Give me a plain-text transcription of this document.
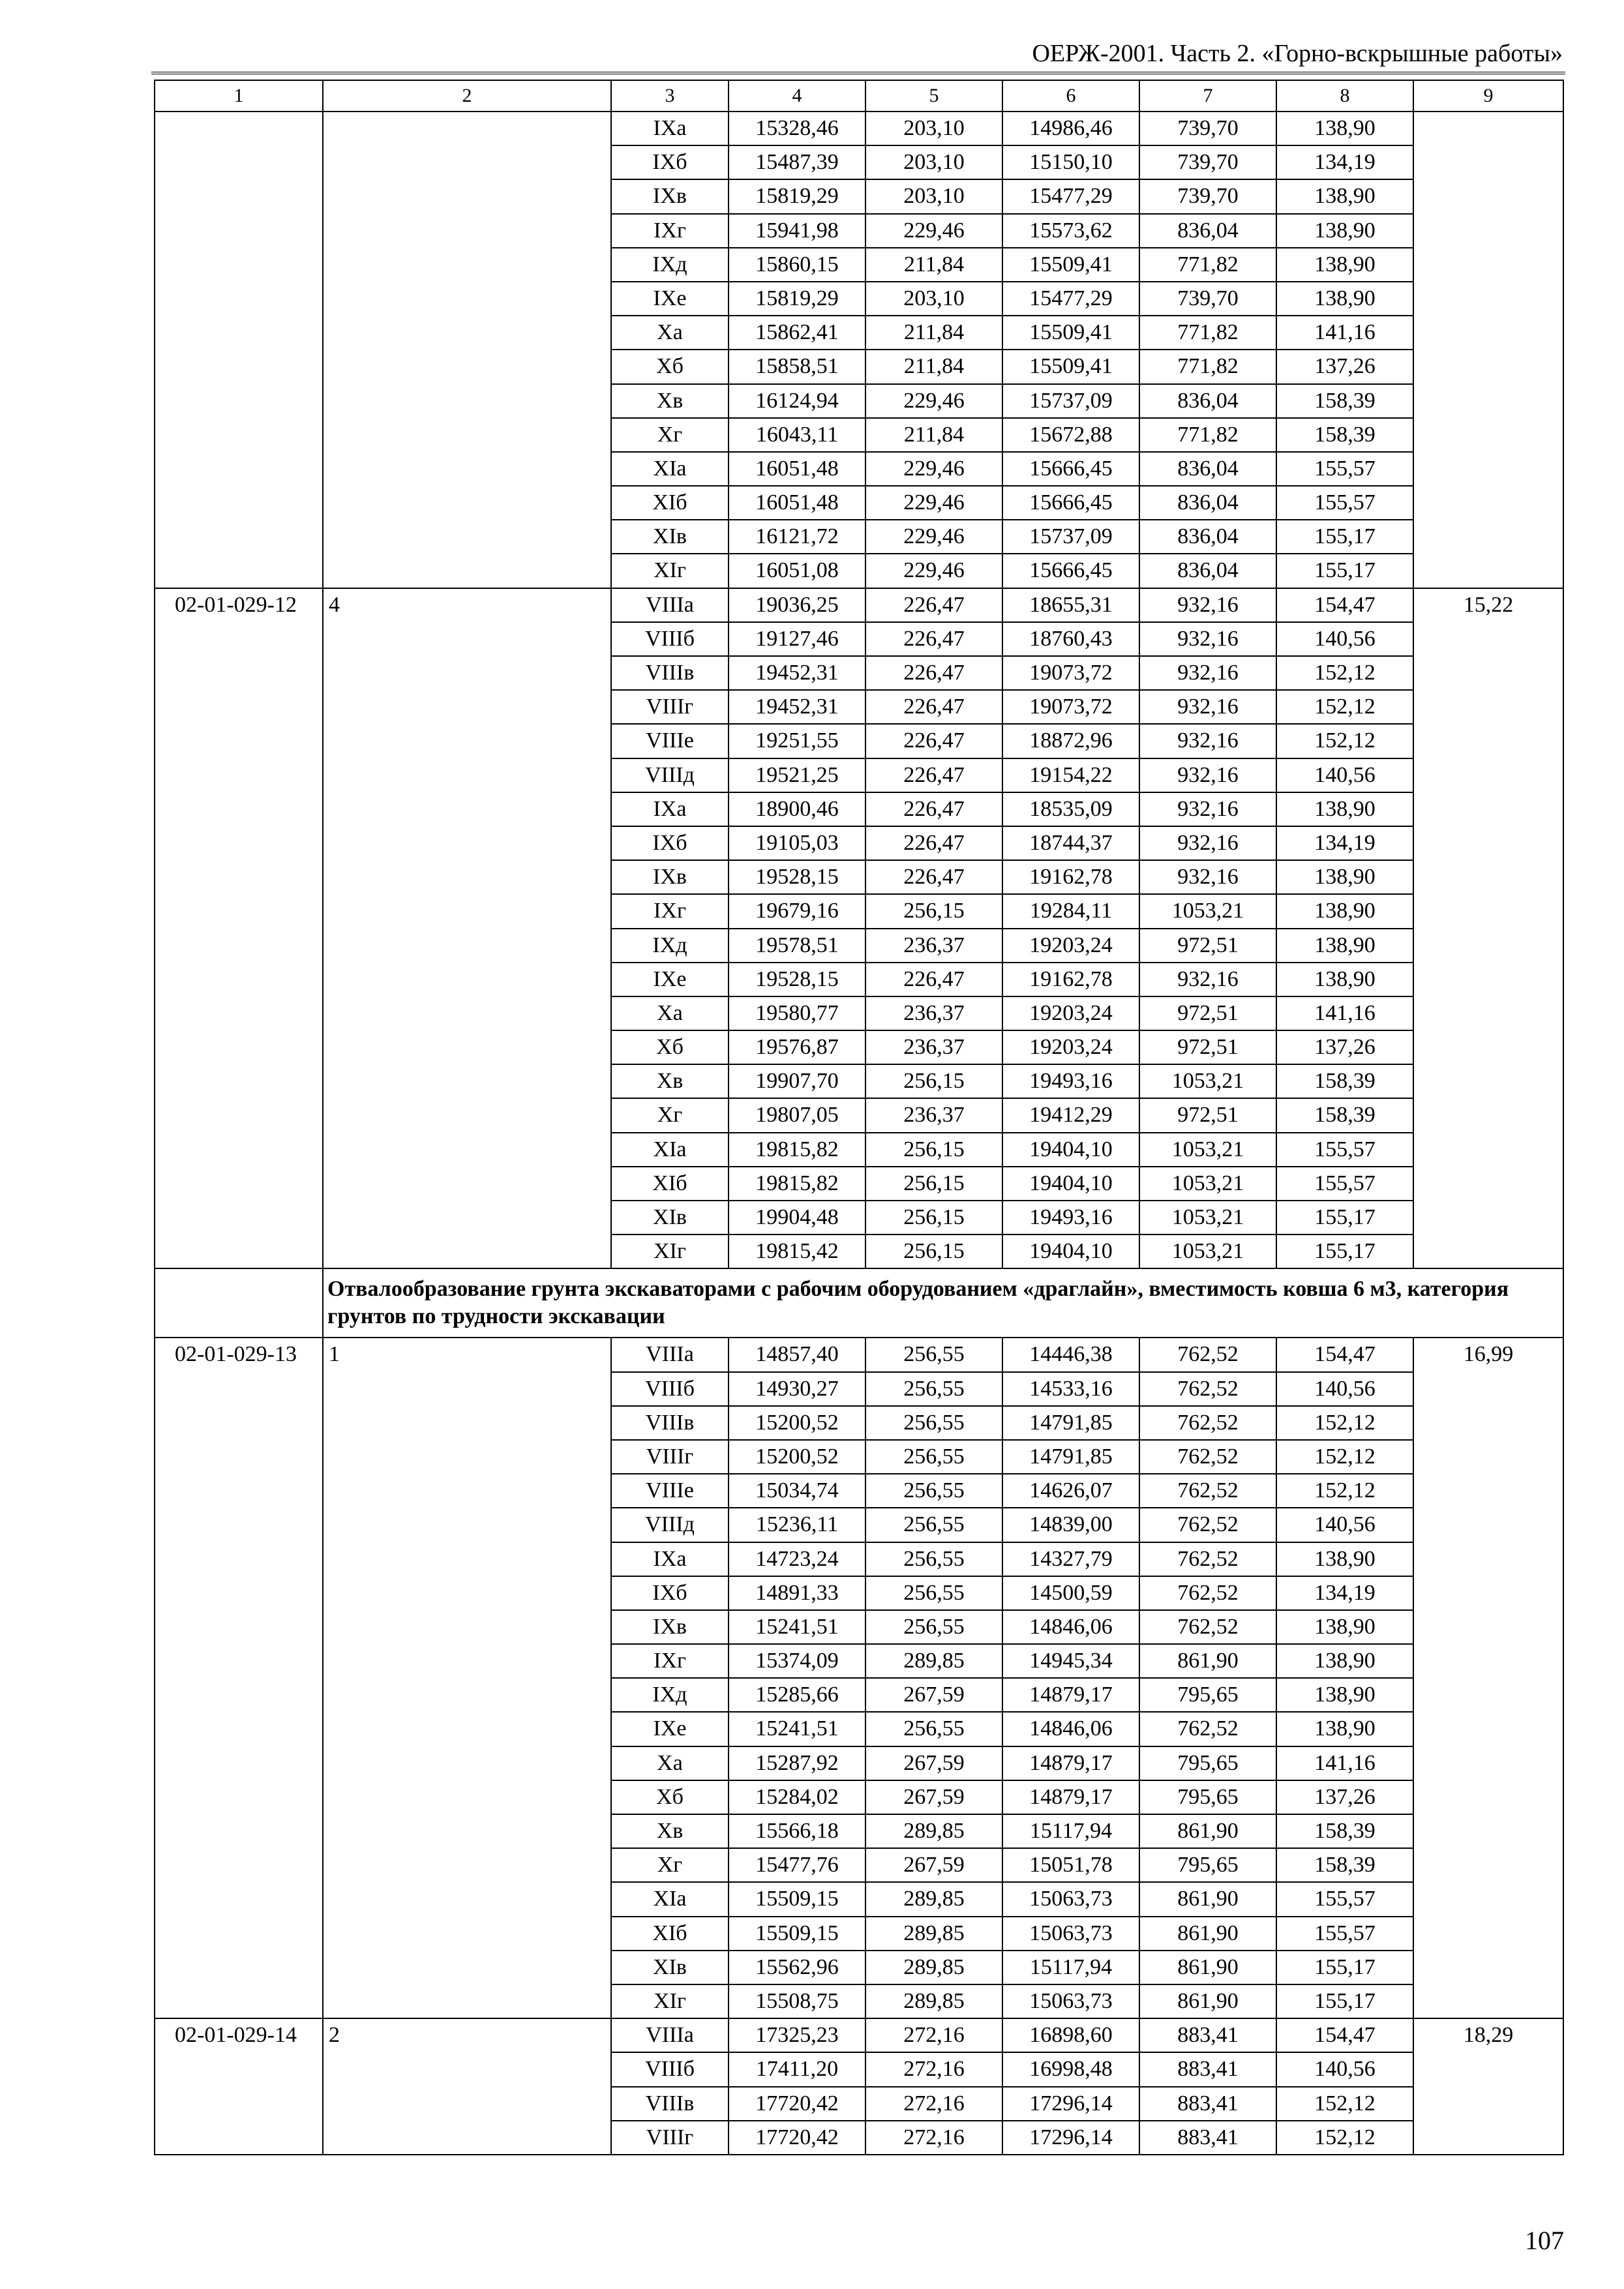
ОЕРЖ-2001. Часть 2. «Горно-вскрышные работы»
1	2	3	4	5	6	7	8	9
		IXа	15328,46	203,10	14986,46	739,70	138,90	
		IXб	15487,39	203,10	15150,10	739,70	134,19	
		IXв	15819,29	203,10	15477,29	739,70	138,90	
		IXг	15941,98	229,46	15573,62	836,04	138,90	
		IXд	15860,15	211,84	15509,41	771,82	138,90	
		IXе	15819,29	203,10	15477,29	739,70	138,90	
		Xа	15862,41	211,84	15509,41	771,82	141,16	
		Xб	15858,51	211,84	15509,41	771,82	137,26	
		Xв	16124,94	229,46	15737,09	836,04	158,39	
		Xг	16043,11	211,84	15672,88	771,82	158,39	
		XIа	16051,48	229,46	15666,45	836,04	155,57	
		XIб	16051,48	229,46	15666,45	836,04	155,57	
		XIв	16121,72	229,46	15737,09	836,04	155,17	
		XIг	16051,08	229,46	15666,45	836,04	155,17	
02-01-029-12	4	VIIIа	19036,25	226,47	18655,31	932,16	154,47	15,22
		VIIIб	19127,46	226,47	18760,43	932,16	140,56	
		VIIIв	19452,31	226,47	19073,72	932,16	152,12	
		VIIIг	19452,31	226,47	19073,72	932,16	152,12	
		VIIIе	19251,55	226,47	18872,96	932,16	152,12	
		VIIIд	19521,25	226,47	19154,22	932,16	140,56	
		IXа	18900,46	226,47	18535,09	932,16	138,90	
		IXб	19105,03	226,47	18744,37	932,16	134,19	
		IXв	19528,15	226,47	19162,78	932,16	138,90	
		IXг	19679,16	256,15	19284,11	1053,21	138,90	
		IXд	19578,51	236,37	19203,24	972,51	138,90	
		IXе	19528,15	226,47	19162,78	932,16	138,90	
		Xа	19580,77	236,37	19203,24	972,51	141,16	
		Xб	19576,87	236,37	19203,24	972,51	137,26	
		Xв	19907,70	256,15	19493,16	1053,21	158,39	
		Xг	19807,05	236,37	19412,29	972,51	158,39	
		XIа	19815,82	256,15	19404,10	1053,21	155,57	
		XIб	19815,82	256,15	19404,10	1053,21	155,57	
		XIв	19904,48	256,15	19493,16	1053,21	155,17	
		XIг	19815,42	256,15	19404,10	1053,21	155,17	
	Отвалообразование грунта экскаваторами с рабочим оборудованием «драглайн», вместимость ковша 6 м3, категория грунтов по трудности экскавации							
02-01-029-13	1	VIIIа	14857,40	256,55	14446,38	762,52	154,47	16,99
		VIIIб	14930,27	256,55	14533,16	762,52	140,56	
		VIIIв	15200,52	256,55	14791,85	762,52	152,12	
		VIIIг	15200,52	256,55	14791,85	762,52	152,12	
		VIIIе	15034,74	256,55	14626,07	762,52	152,12	
		VIIIд	15236,11	256,55	14839,00	762,52	140,56	
		IXа	14723,24	256,55	14327,79	762,52	138,90	
		IXб	14891,33	256,55	14500,59	762,52	134,19	
		IXв	15241,51	256,55	14846,06	762,52	138,90	
		IXг	15374,09	289,85	14945,34	861,90	138,90	
		IXд	15285,66	267,59	14879,17	795,65	138,90	
		IXе	15241,51	256,55	14846,06	762,52	138,90	
		Xа	15287,92	267,59	14879,17	795,65	141,16	
		Xб	15284,02	267,59	14879,17	795,65	137,26	
		Xв	15566,18	289,85	15117,94	861,90	158,39	
		Xг	15477,76	267,59	15051,78	795,65	158,39	
		XIа	15509,15	289,85	15063,73	861,90	155,57	
		XIб	15509,15	289,85	15063,73	861,90	155,57	
		XIв	15562,96	289,85	15117,94	861,90	155,17	
		XIг	15508,75	289,85	15063,73	861,90	155,17	
02-01-029-14	2	VIIIа	17325,23	272,16	16898,60	883,41	154,47	18,29
		VIIIб	17411,20	272,16	16998,48	883,41	140,56	
		VIIIв	17720,42	272,16	17296,14	883,41	152,12	
		VIIIг	17720,42	272,16	17296,14	883,41	152,12	
107
